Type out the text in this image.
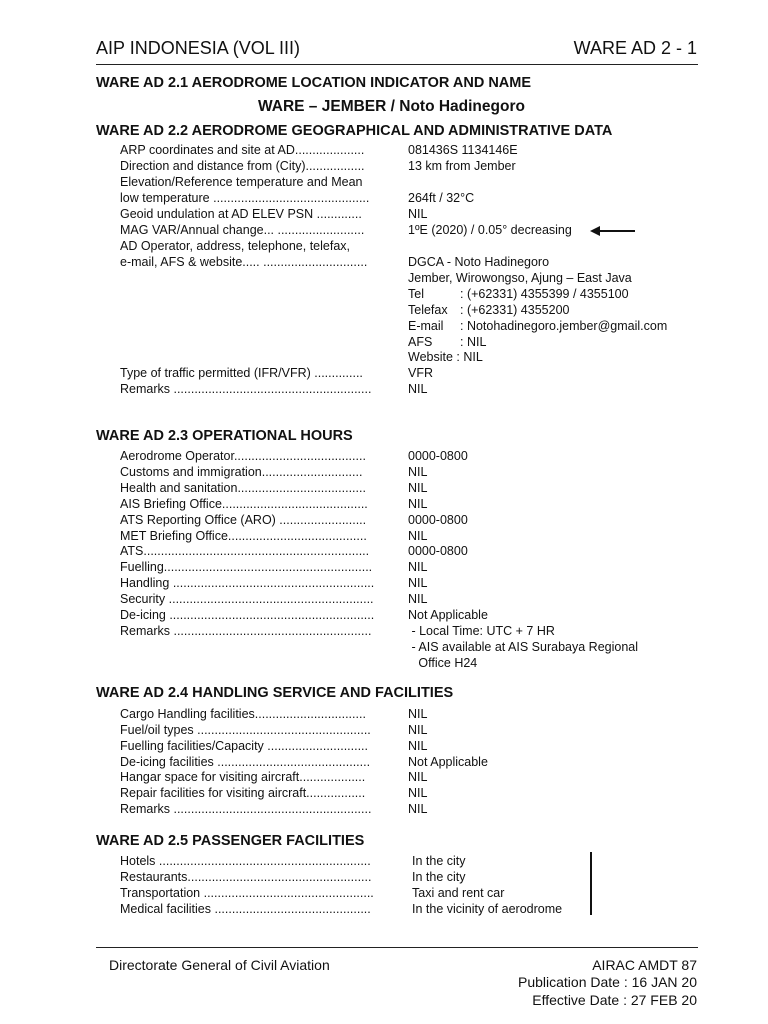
AIP INDONESIA (VOL III)	WARE AD 2 - 1
WARE AD 2.1 AERODROME LOCATION INDICATOR AND NAME
WARE – JEMBER / Noto Hadinegoro
WARE AD 2.2 AERODROME GEOGRAPHICAL AND ADMINISTRATIVE DATA
ARP coordinates and site at AD....................	081436S 1134146E
Direction and distance from (City).................	13 km from Jember
Elevation/Reference temperature and Mean
low temperature .............................................	264ft / 32°C
Geoid undulation at AD ELEV PSN .............	NIL
MAG VAR/Annual change... .........................	1ºE (2020) / 0.05° decreasing
AD Operator, address, telephone, telefax,
e-mail, AFS & website..... ..............................	DGCA - Noto Hadinegoro
Jember, Wirowongso, Ajung – East Java
Tel	: (+62331) 4355399 / 4355100
Telefax : (+62331) 4355200
E-mail : Notohadinegoro.jember@gmail.com
AFS : NIL
Website : NIL
Type of traffic permitted (IFR/VFR) ..............	VFR
Remarks .........................................................	NIL
WARE AD 2.3 OPERATIONAL HOURS
Aerodrome Operator......................................	0000-0800
Customs and immigration.............................	NIL
Health and sanitation.....................................	NIL
AIS Briefing Office..........................................	NIL
ATS Reporting Office (ARO) .........................	0000-0800
MET Briefing Office........................................	NIL
ATS.................................................................	0000-0800
Fuelling............................................................	NIL
Handling ..........................................................	NIL
Security ...........................................................	NIL
De-icing ...........................................................	Not Applicable
Remarks .........................................................	- Local Time: UTC + 7 HR
- AIS available at AIS Surabaya Regional
Office H24
WARE AD 2.4 HANDLING SERVICE AND FACILITIES
Cargo Handling facilities................................	NIL
Fuel/oil types ..................................................	NIL
Fuelling facilities/Capacity .............................	NIL
De-icing facilities ............................................	Not Applicable
Hangar space for visiting aircraft...................	NIL
Repair facilities for visiting aircraft.................	NIL
Remarks .........................................................	NIL
WARE AD 2.5 PASSENGER FACILITIES
Hotels .............................................................	In the city
Restaurants.....................................................	In the city
Transportation .................................................	Taxi and rent car
Medical facilities .............................................	In the vicinity of aerodrome
Directorate General of Civil Aviation	AIRAC AMDT 87
Publication Date : 16 JAN 20
Effective Date : 27 FEB 20
